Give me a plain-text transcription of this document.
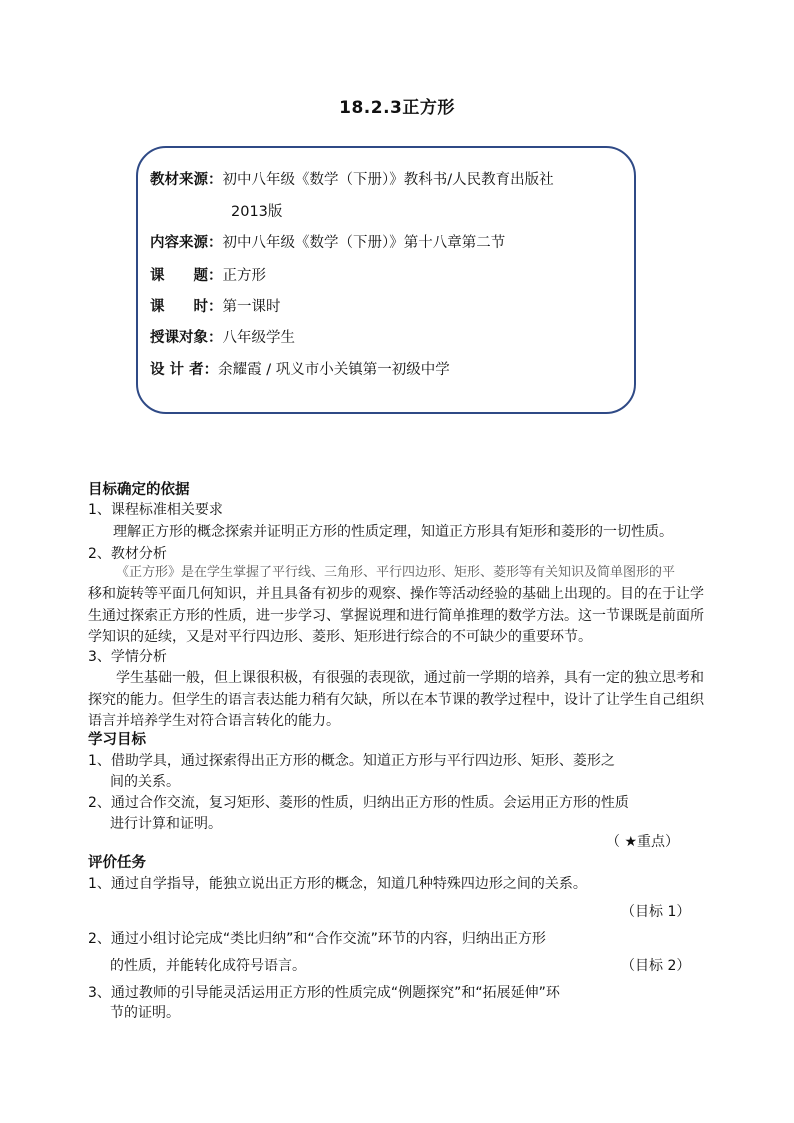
18.2.3正方形
教材来源：初中八年级《数学（下册）》教科书/人民教育出版社
2013版
内容来源：初中八年级《数学（下册）》第十八章第二节
课　　题：正方形
课　　时：第一课时
授课对象：八年级学生
设 计 者：余耀霞 / 巩义市小关镇第一初级中学
目标确定的依据
1、课程标准相关要求
理解正方形的概念探索并证明正方形的性质定理，知道正方形具有矩形和菱形的一切性质。
2、教材分析
《正方形》是在学生掌握了平行线、三角形、平行四边形、矩形、菱形等有关知识及简单图形的平
移和旋转等平面几何知识，并且具备有初步的观察、操作等活动经验的基础上出现的。目的在于让学
生通过探索正方形的性质，进一步学习、掌握说理和进行简单推理的数学方法。这一节课既是前面所
学知识的延续，又是对平行四边形、菱形、矩形进行综合的不可缺少的重要环节。
3、学情分析
学生基础一般，但上课很积极，有很强的表现欲，通过前一学期的培养，具有一定的独立思考和
探究的能力。但学生的语言表达能力稍有欠缺，所以在本节课的教学过程中，设计了让学生自己组织
语言并培养学生对符合语言转化的能力。
学习目标
1、借助学具，通过探索得出正方形的概念。知道正方形与平行四边形、矩形、菱形之
间的关系。
2、通过合作交流，复习矩形、菱形的性质，归纳出正方形的性质。会运用正方形的性质
进行计算和证明。
（ ★重点）
评价任务
1、通过自学指导，能独立说出正方形的概念，知道几种特殊四边形之间的关系。
（目标 1）
2、通过小组讨论完成“类比归纳”和“合作交流”环节的内容，归纳出正方形
的性质，并能转化成符号语言。	（目标 2）
3、通过教师的引导能灵活运用正方形的性质完成“例题探究”和“拓展延伸”环
节的证明。
